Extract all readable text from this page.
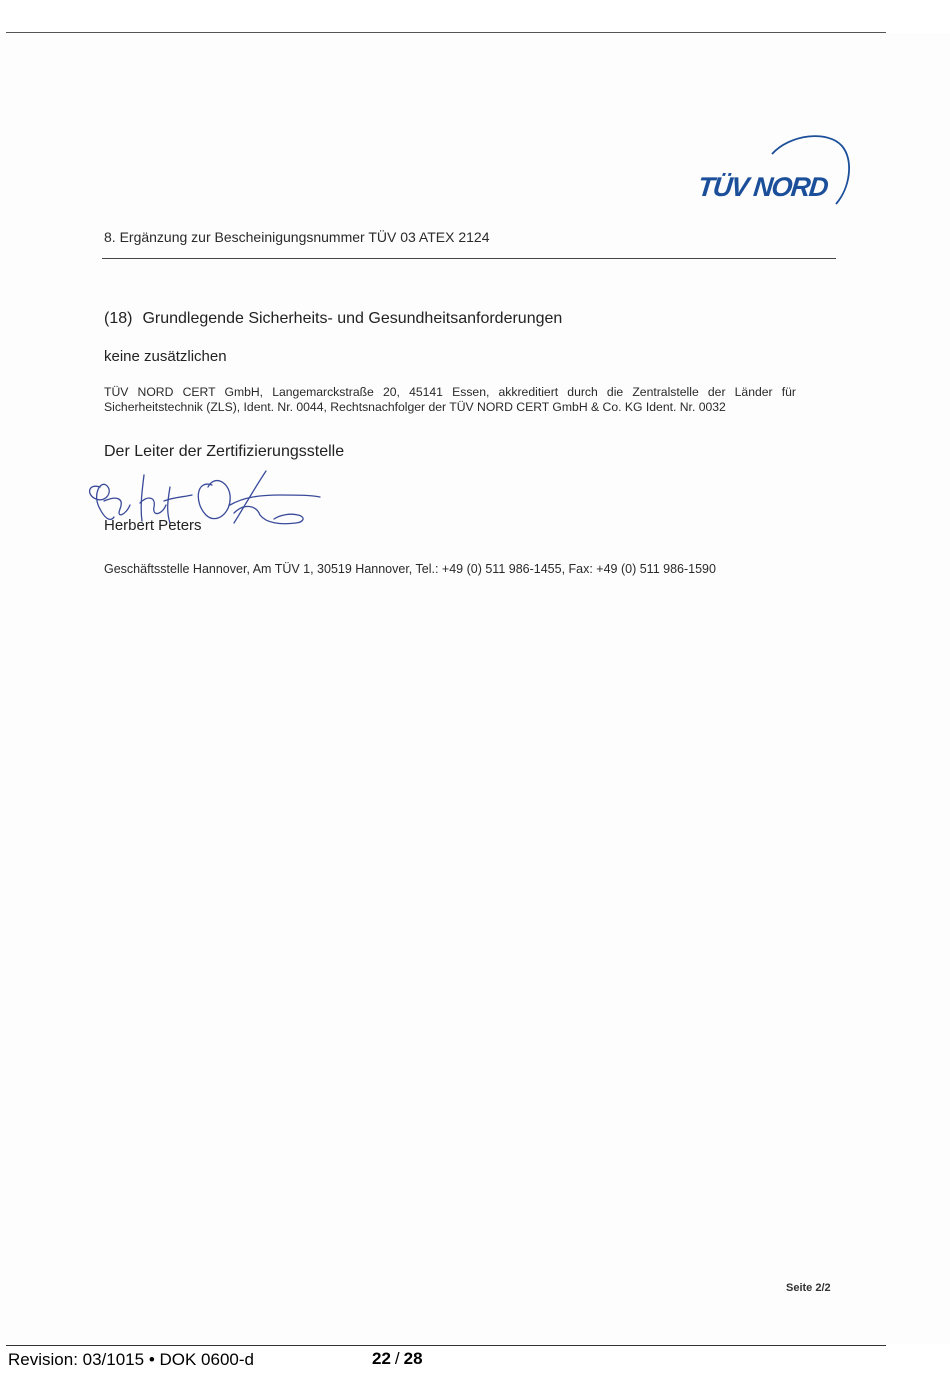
TÜV NORD
8. Ergänzung zur Bescheinigungsnummer TÜV 03 ATEX 2124
(18) Grundlegende Sicherheits- und Gesundheitsanforderungen
keine zusätzlichen
TÜV NORD CERT GmbH, Langemarckstraße 20, 45141 Essen, akkreditiert durch die Zentralstelle der Länder für Sicherheitstechnik (ZLS), Ident. Nr. 0044, Rechtsnachfolger der TÜV NORD CERT GmbH & Co. KG Ident. Nr. 0032
Der Leiter der Zertifizierungsstelle
Herbert Peters
Geschäftsstelle Hannover, Am TÜV 1, 30519 Hannover, Tel.: +49 (0) 511 986-1455, Fax: +49 (0) 511 986-1590
Seite 2/2
Revision: 03/1015 • DOK 0600-d	22 / 28
